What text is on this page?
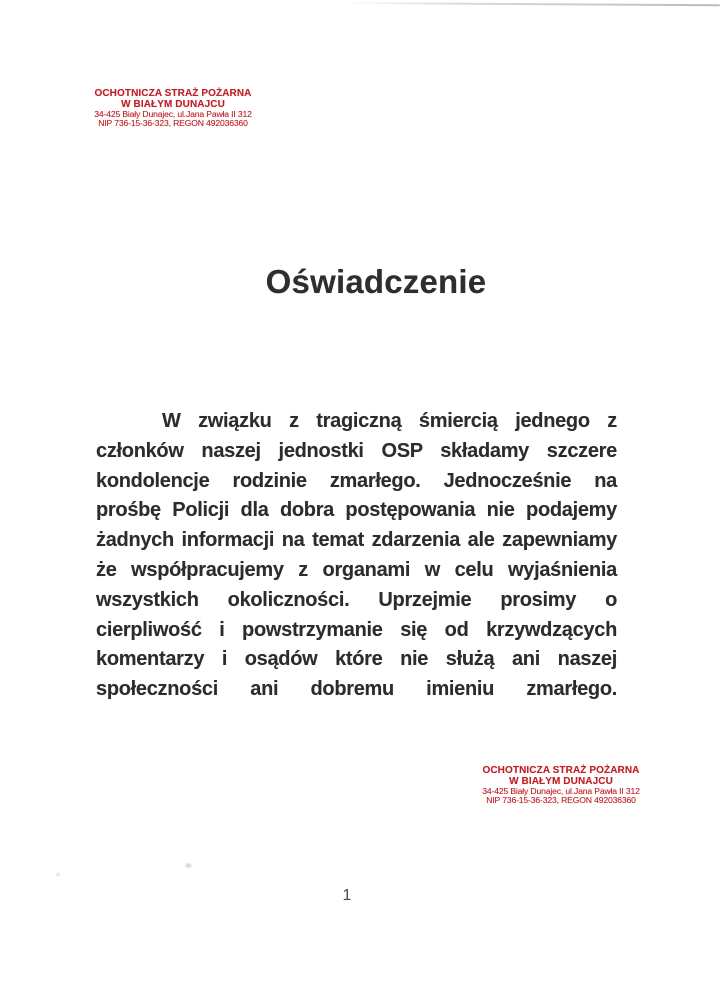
OCHOTNICZA STRAŻ POŻARNA
W BIAŁYM DUNAJCU
34-425 Biały Dunajec, ul.Jana Pawła II 312
NIP 736-15-36-323, REGON 492036360
Oświadczenie
W związku z tragiczną śmiercią jednego z
członków naszej jednostki OSP składamy szczere
kondolencje rodzinie zmarłego. Jednocześnie na
prośbę Policji dla dobra postępowania nie podajemy
żadnych informacji na temat zdarzenia ale zapewniamy
że współpracujemy z organami w celu wyjaśnienia
wszystkich okoliczności. Uprzejmie prosimy o
cierpliwość i powstrzymanie się od krzywdzących
komentarzy i osądów które nie służą ani naszej
społeczności ani dobremu imieniu zmarłego.
OCHOTNICZA STRAŻ POŻARNA
W BIAŁYM DUNAJCU
34-425 Biały Dunajec, ul.Jana Pawła II 312
NIP 736-15-36-323, REGON 492036360
1
